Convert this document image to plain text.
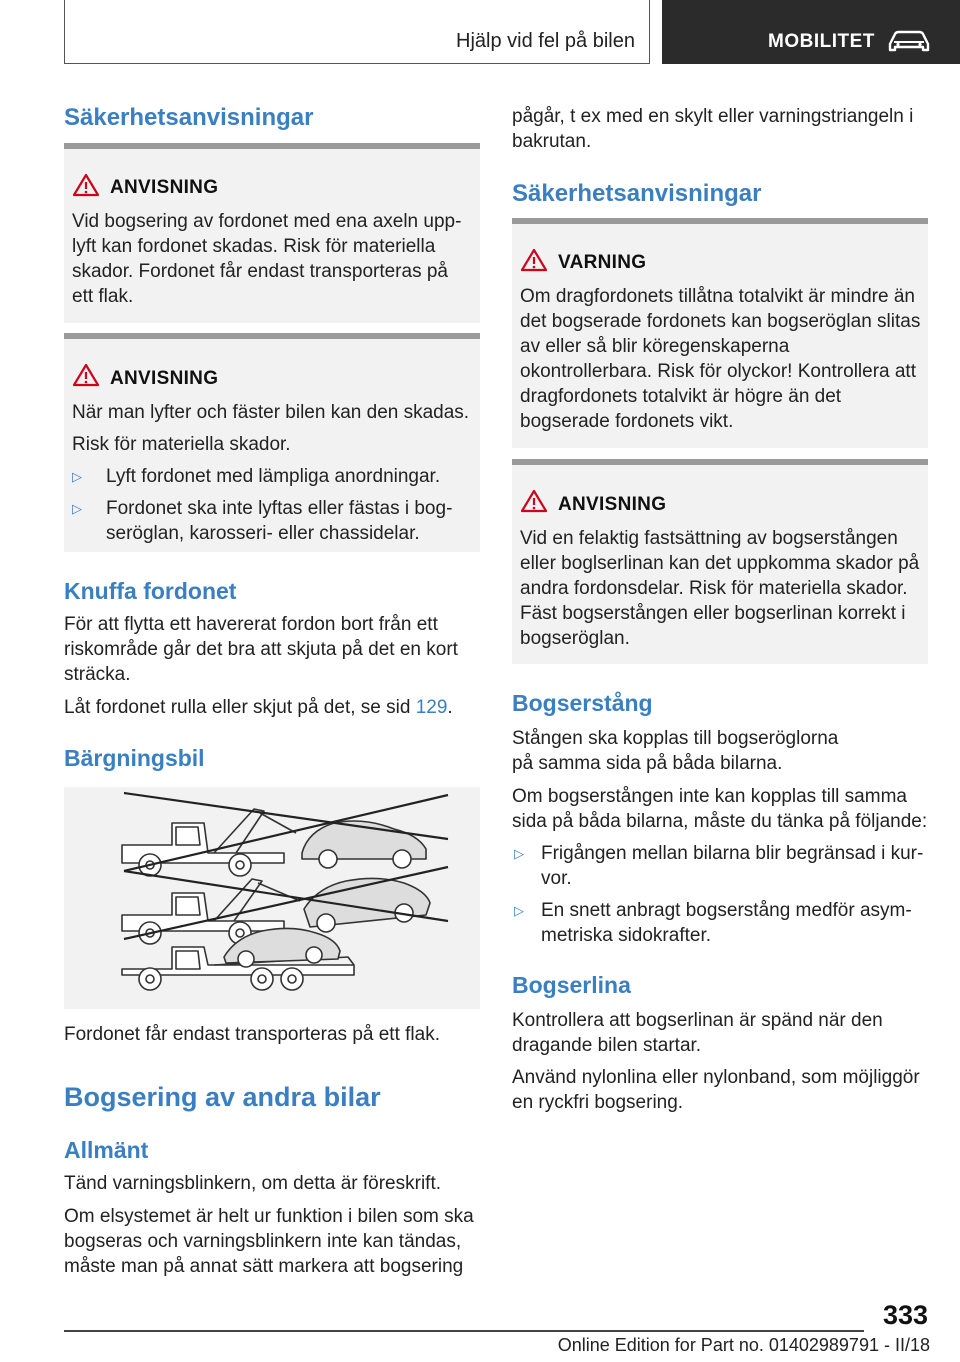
Hjälp vid fel på bilen	MOBILITET
Säkerhetsanvisningar
ANVISNING

Vid bogsering av fordonet med ena axeln upplyft kan fordonet skadas. Risk för materiella skador. Fordonet får endast transporteras på ett flak.

ANVISNING

När man lyfter och fäster bilen kan den skadas.

Risk för materiella skador.

▷	Lyft fordonet med lämpliga anordningar.
▷	Fordonet ska inte lyftas eller fästas i bogseröglan, karosseri- eller chassidelar.
Knuffa fordonet

För att flytta ett havererat fordon bort från ett riskområde går det bra att skjuta på det en kort sträcka.

Låt fordonet rulla eller skjut på det, se sid 129.

Bärgningsbil

Fordonet får endast transporteras på ett flak.

Bogsering av andra bilar
Allmänt

Tänd varningsblinkern, om detta är föreskrift.

Om elsystemet är helt ur funktion i bilen som ska bogseras och varningsblinkern inte kan tändas, måste man på annat sätt markera att bogsering

pågår, t ex med en skylt eller varningstriangeln i bakrutan.

Säkerhetsanvisningar
VARNING

Om dragfordonets tillåtna totalvikt är mindre än det bogserade fordonets kan bogseröglan slitas av eller så blir köregenskaperna okontrollerbara. Risk för olyckor! Kontrollera att dragfordonets totalvikt är högre än det bogserade fordonets vikt.

ANVISNING

Vid en felaktig fastsättning av bogserstången eller boglserlinan kan det uppkomma skador på andra fordonsdelar. Risk för materiella skador. Fäst bogserstången eller bogserlinan korrekt i bogseröglan.

Bogserstång

Stången ska kopplas till bogseröglorna på samma sida på båda bilarna.

Om bogserstången inte kan kopplas till samma sida på båda bilarna, måste du tänka på följande:

▷ Frigången mellan bilarna blir begränsad i kurvor.
▷ En snett anbragt bogserstång medför asymmetriska sidokrafter.
Bogserlina

Kontrollera att bogserlinan är spänd när den dragande bilen startar.

Använd nylonlina eller nylonband, som möjliggör en ryckfri bogsering.

333
Online Edition for Part no. 01402989791 - II/18
